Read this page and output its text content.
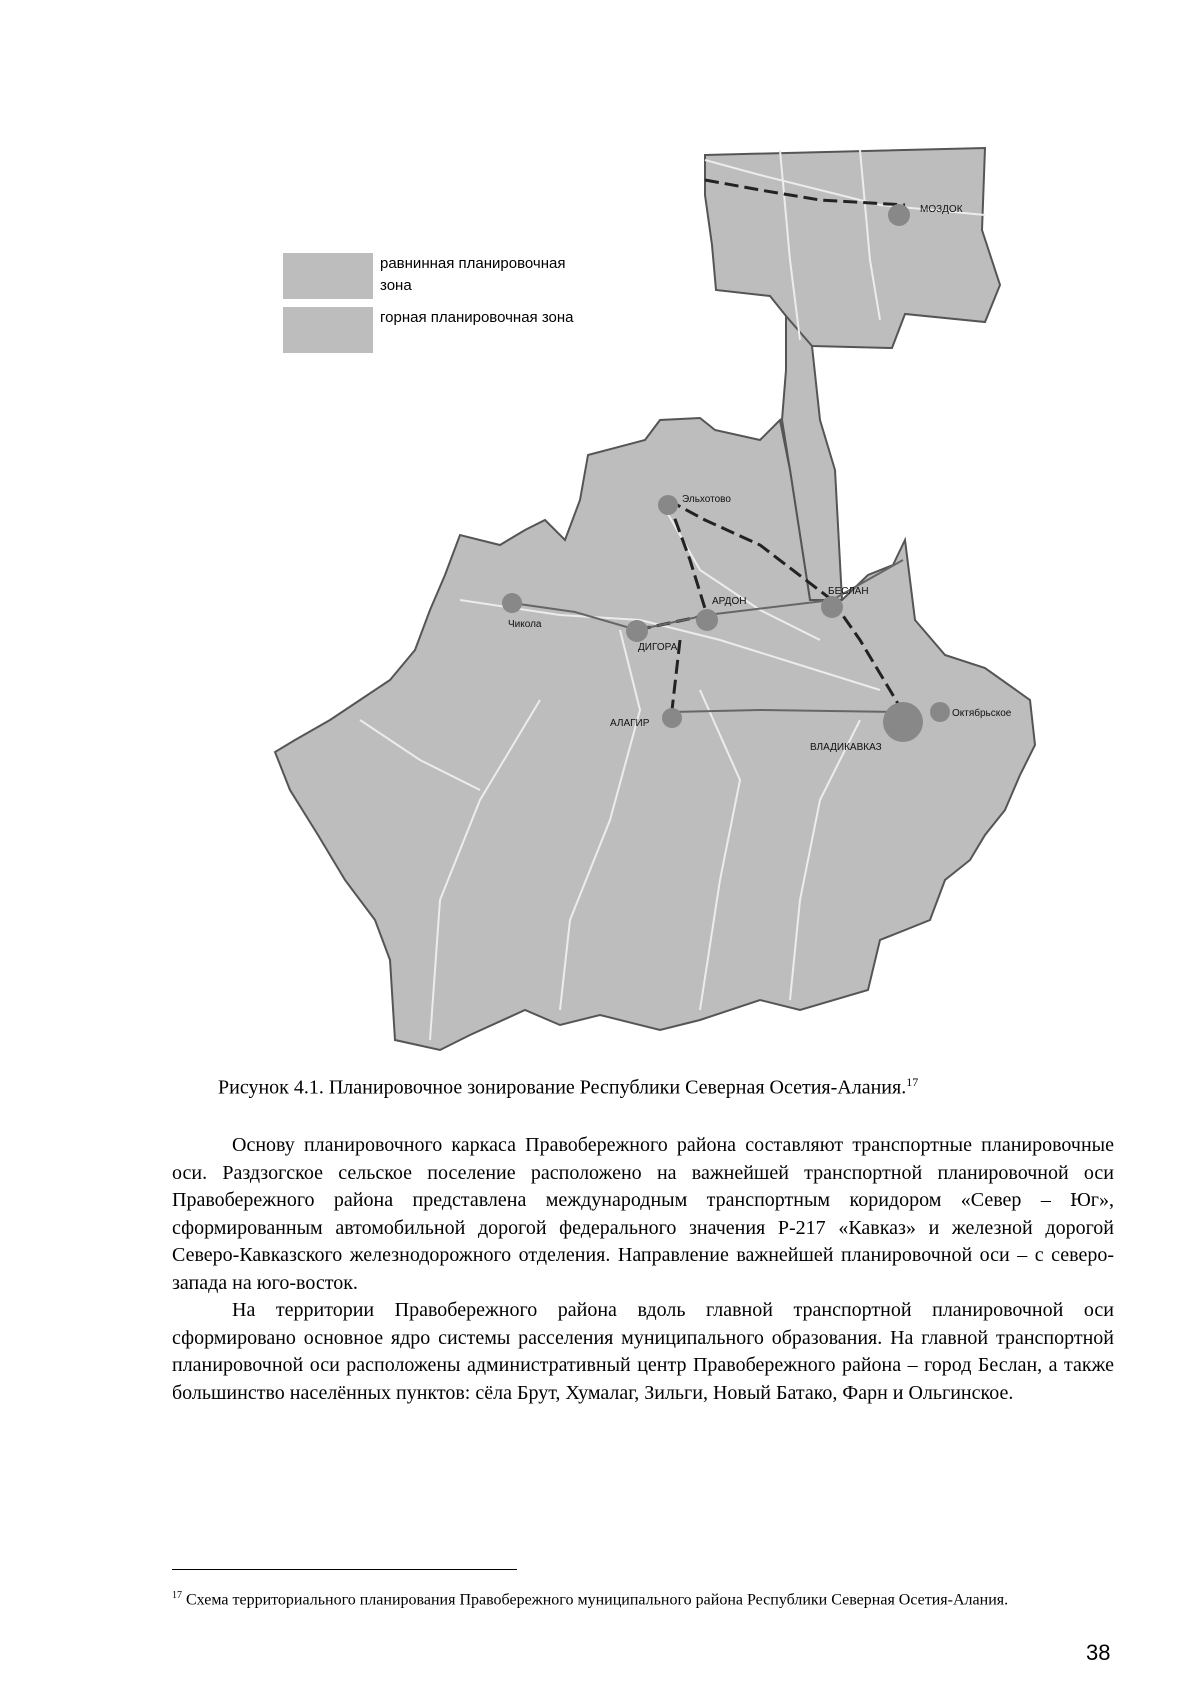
МОЗДОК
Эльхотово
БЕСЛАН
АРДОН
Чикола
ДИГОРА
АЛАГИР
Октябрьское
ВЛАДИКАВКАЗ
равнинная планировочная зона
горная планировочная зона
Рисунок 4.1. Планировочное зонирование Республики Северная Осетия-Алания.$^{17}$

Основу планировочного каркаса Правобережного района составляют транспортные планировочные оси. Раздзогское сельское поселение расположено на важнейшей транспортной планировочной оси Правобережного района представлена международным транспортным коридором «Север – Юг», сформированным автомобильной дорогой федерального значения Р-217 «Кавказ» и железной дорогой Северо-Кавказского железнодорожного отделения. Направление важнейшей планировочной оси – с северо-запада на юго-восток.

На территории Правобережного района вдоль главной транспортной планировочной оси сформировано основное ядро системы расселения муниципального образования. На главной транспортной планировочной оси расположены административный центр Правобережного района – город Беслан, а также большинство населённых пунктов: сёла Брут, Хумалаг, Зильги, Новый Батако, Фарн и Ольгинское.

$^{17}$ Схема территориального планирования Правобережного муниципального района Республики Северная Осетия-Алания.
38
